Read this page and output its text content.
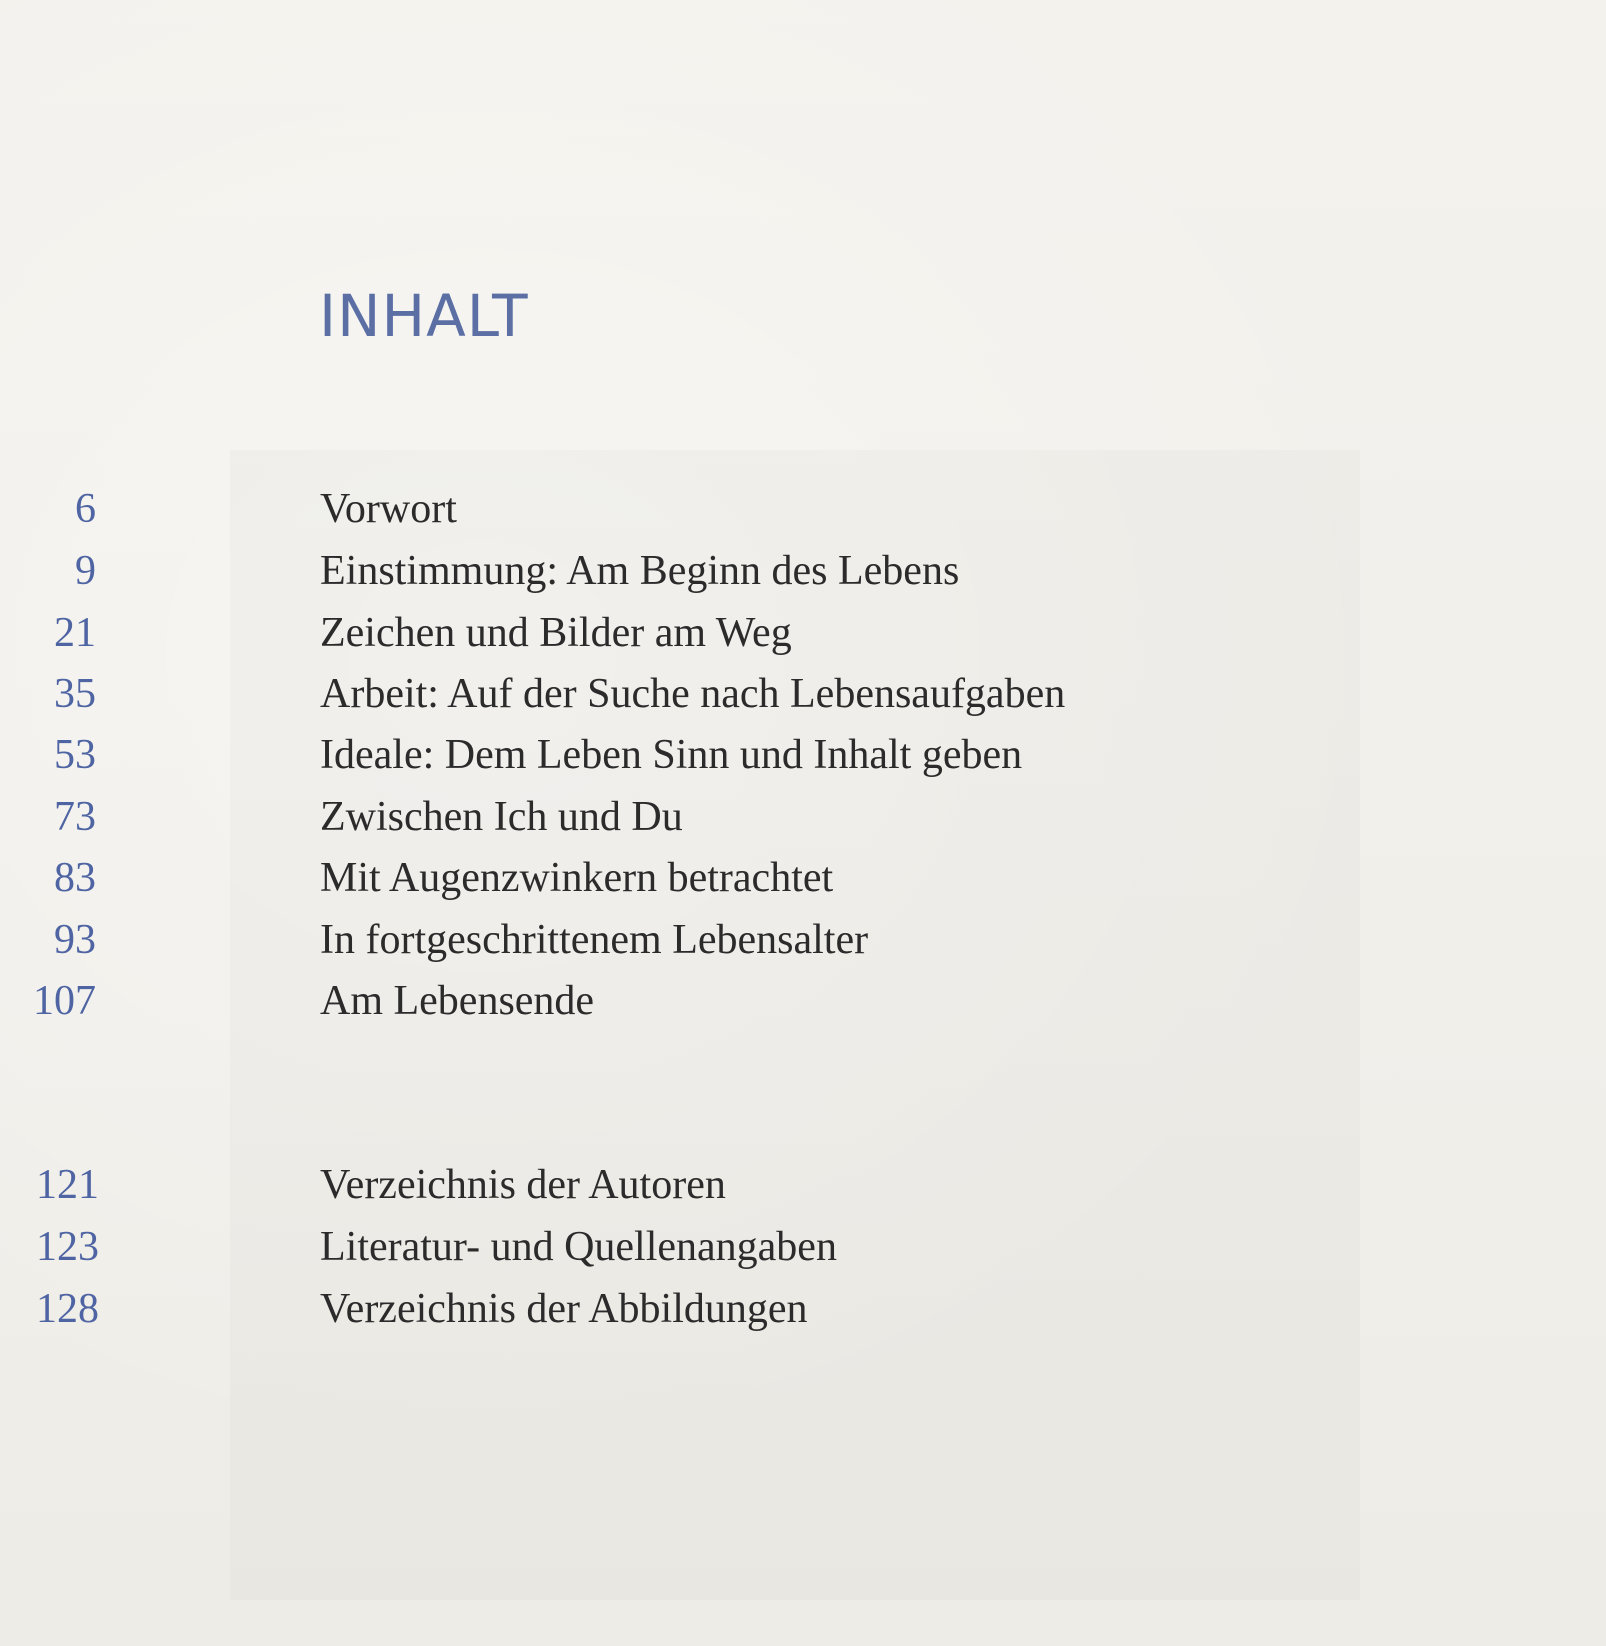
INHALT
6	Vorwort
9	Einstimmung: Am Beginn des Lebens
21	Zeichen und Bilder am Weg
35	Arbeit: Auf der Suche nach Lebensaufgaben
53	Ideale: Dem Leben Sinn und Inhalt geben
73	Zwischen Ich und Du
83	Mit Augenzwinkern betrachtet
93	In fortgeschrittenem Lebensalter
107	Am Lebensende
121	Verzeichnis der Autoren
123	Literatur- und Quellenangaben
128	Verzeichnis der Abbildungen
